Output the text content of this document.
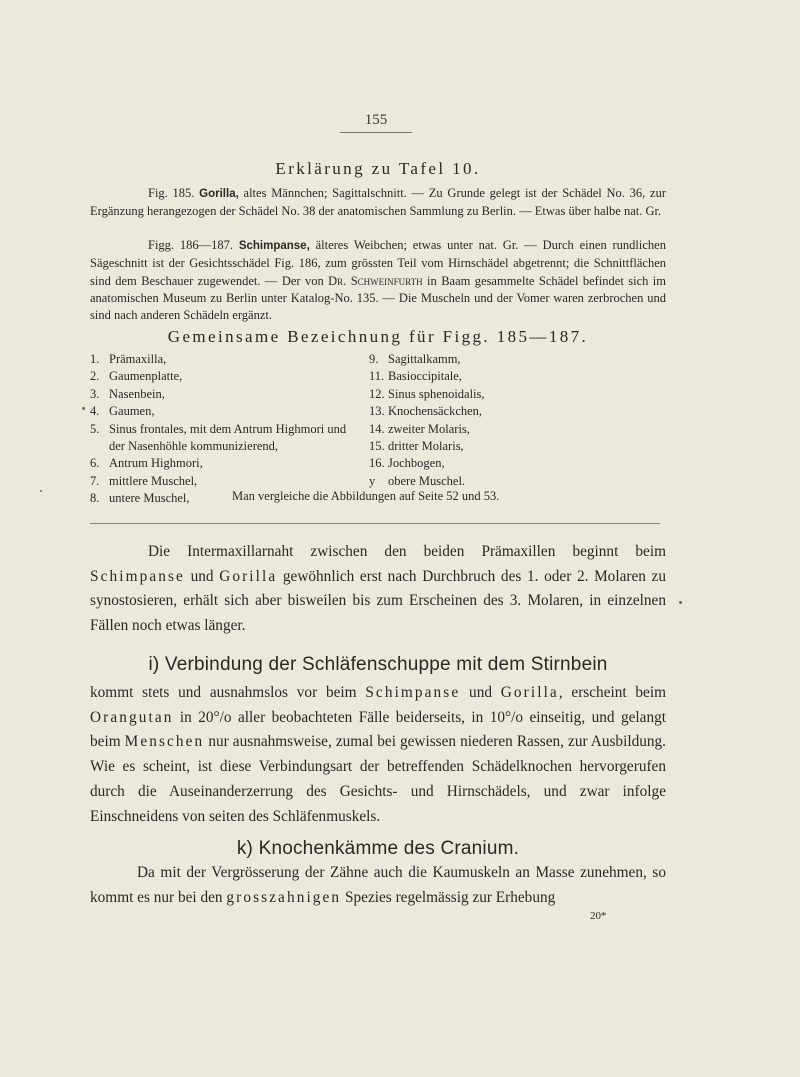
155
Erklärung zu Tafel 10.
Fig. 185. Gorilla, altes Männchen; Sagittalschnitt. — Zu Grunde gelegt ist der Schädel No. 36, zur Ergänzung herangezogen der Schädel No. 38 der anatomischen Sammlung zu Berlin. — Etwas über halbe nat. Gr.
Figg. 186—187. Schimpanse, älteres Weibchen; etwas unter nat. Gr. — Durch einen rundlichen Sägeschnitt ist der Gesichtsschädel Fig. 186, zum grössten Teil vom Hirnschädel abgetrennt; die Schnittflächen sind dem Beschauer zugewendet. — Der von Dr. Schweinfurth in Baam gesammelte Schädel befindet sich im anatomischen Museum zu Berlin unter Katalog-No. 135. — Die Muscheln und der Vomer waren zerbrochen und sind nach anderen Schädeln ergänzt.
Gemeinsame Bezeichnung für Figg. 185—187.
1. Prämaxilla,
2. Gaumenplatte,
3. Nasenbein,
4. Gaumen,
5. Sinus frontales, mit dem Antrum Highmori und
der Nasenhöhle kommunizierend,
6. Antrum Highmori,
7. mittlere Muschel,
8. untere Muschel,
9. Sagittalkamm,
11. Basioccipitale,
12. Sinus sphenoidalis,
13. Knochensäckchen,
14. zweiter Molaris,
15. dritter Molaris,
16. Jochbogen,
y obere Muschel.
Man vergleiche die Abbildungen auf Seite 52 und 53.
Die Intermaxillarnaht zwischen den beiden Prämaxillen beginnt beim Schimpanse und Gorilla gewöhnlich erst nach Durchbruch des 1. oder 2. Molaren zu synostosieren, erhält sich aber bisweilen bis zum Erscheinen des 3. Molaren, in einzelnen Fällen noch etwas länger.
i) Verbindung der Schläfenschuppe mit dem Stirnbein
kommt stets und ausnahmslos vor beim Schimpanse und Gorilla, erscheint beim Orangutan in 20°/o aller beobachteten Fälle beiderseits, in 10°/o einseitig, und gelangt beim Menschen nur ausnahmsweise, zumal bei gewissen niederen Rassen, zur Ausbildung. Wie es scheint, ist diese Verbindungsart der betreffenden Schädelknochen hervorgerufen durch die Auseinanderzerrung des Gesichts- und Hirnschädels, und zwar infolge Einschneidens von seiten des Schläfenmuskels.
k) Knochenkämme des Cranium.
Da mit der Vergrösserung der Zähne auch die Kaumuskeln an Masse zunehmen, so kommt es nur bei den grosszahnigen Spezies regelmässig zur Erhebung
20*
